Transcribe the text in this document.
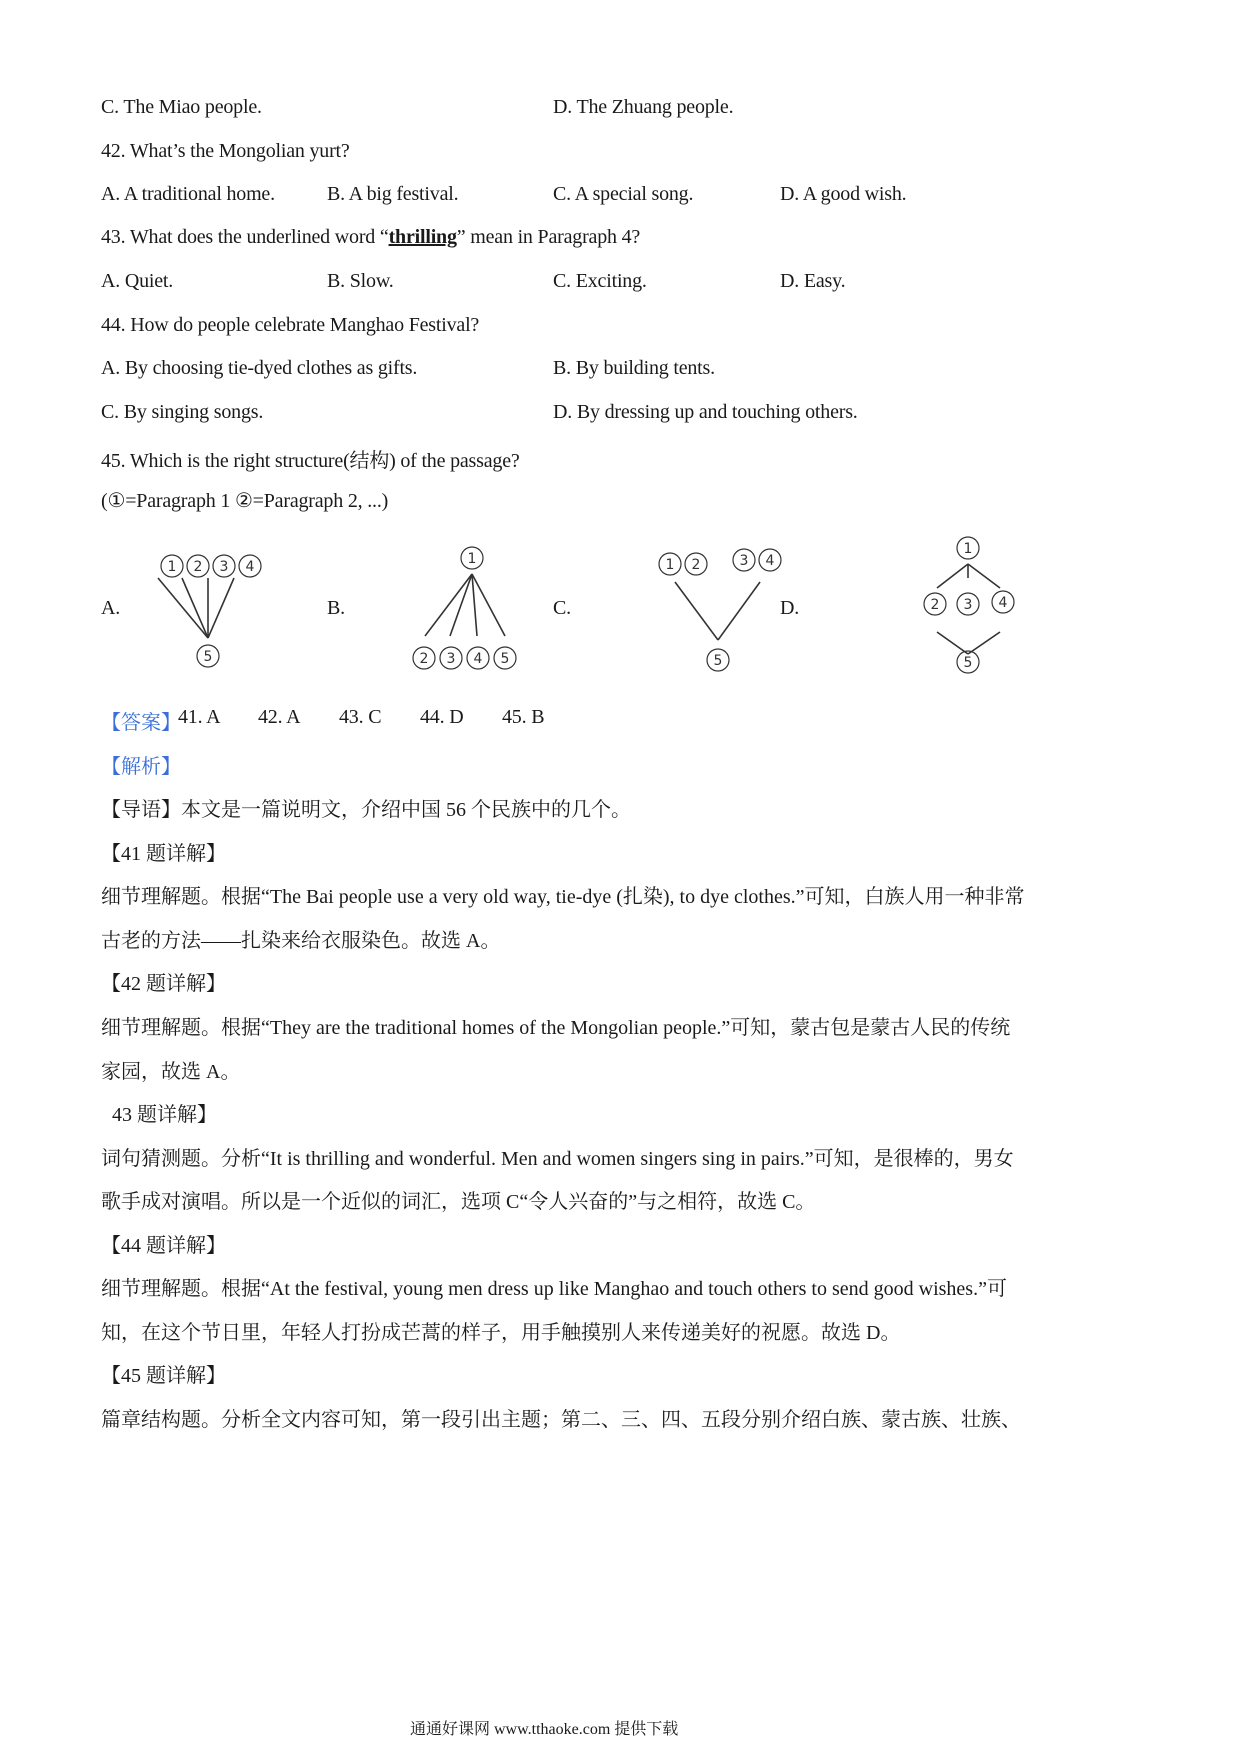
C. The Miao people.	D. The Zhuang people.
42. What’s the Mongolian yurt?
A. A traditional home.	B. A big festival.	C. A special song.	D. A good wish.
43. What does the underlined word “thrilling” mean in Paragraph 4?
A. Quiet.	B. Slow.	C. Exciting.	D. Easy.
44. How do people celebrate Manghao Festival?
A. By choosing tie-dyed clothes as gifts.	B. By building tents.
C. By singing songs.	D. By dressing up and touching others.
45. Which is the right structure(结构) of the passage?
(①=Paragraph 1 ②=Paragraph 2, ...)
A.	B.	C.	D.
1 2 3 4
5
1
2 3 4 5
1 2	3 4
5
1
2 3 4
5
【答案】
41. A 42. A 43. C 44. D 45. B
【解析】
【导语】本文是一篇说明文，介绍中国 56 个民族中的几个。
【41 题详解】
细节理解题。根据“The Bai people use a very old way, tie-dye (扎染), to dye clothes.”可知，白族人用一种非常
古老的方法——扎染来给衣服染色。故选 A。
【42 题详解】
细节理解题。根据“They are the traditional homes of the Mongolian people.”可知，蒙古包是蒙古人民的传统
家园，故选 A。
43 题详解】
词句猜测题。分析“It is thrilling and wonderful. Men and women singers sing in pairs.”可知，是很棒的，男女
歌手成对演唱。所以是一个近似的词汇，选项 C“令人兴奋的”与之相符，故选 C。
【44 题详解】
细节理解题。根据“At the festival, young men dress up like Manghao and touch others to send good wishes.”可
知，在这个节日里，年轻人打扮成芒蒿的样子，用手触摸别人来传递美好的祝愿。故选 D。
【45 题详解】
篇章结构题。分析全文内容可知，第一段引出主题；第二、三、四、五段分别介绍白族、蒙古族、壮族、
通通好课网 www.tthaoke.com 提供下载
